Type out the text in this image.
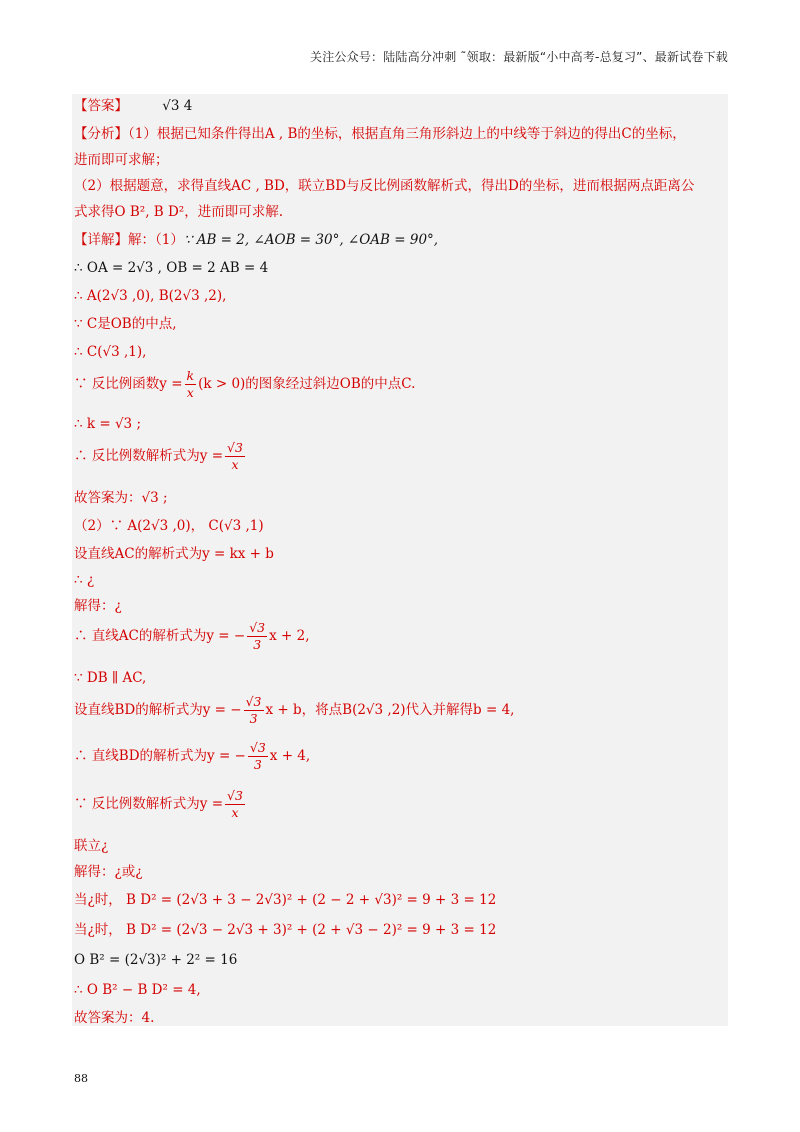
关注公众号：陆陆高分冲刺 ˜领取：最新版“小中高考-总复习”、最新试卷下载
【答案】	√3 4
【分析】（1）根据已知条件得出A , B的坐标，根据直角三角形斜边上的中线等于斜边的得出C的坐标，
进而即可求解；
（2）根据题意，求得直线AC , BD，联立BD与反比例函数解析式，得出D的坐标，进而根据两点距离公
式求得O B², B D²，进而即可求解.
【详解】解：（1）∵ AB = 2, ∠AOB = 30°, ∠OAB = 90°,
∴ OA = 2√3 , OB = 2 AB = 4
∴ A(2√3 ,0), B(2√3 ,2),
∵ C是OB的中点,
∴ C(√3 ,1),
∵ 反比例函数$y = \frac{k}{x} (k > 0)$的图象经过斜边OB的中点C.
∴ k = √3 ;
∴ 反比例数解析式为$y = \frac{√3}{x}$
故答案为：√3 ;
（2）∵ A(2√3 ,0)， C(√3 ,1)
设直线AC的解析式为y = kx + b
∴ ¿
解得：¿
∴ 直线AC的解析式为y = − $\frac{√3}{3}$ x + 2,
∵ DB ∥ AC,
设直线BD的解析式为y = − $\frac{√3}{3}$ x + b，将点B(2√3 ,2)代入并解得b = 4,
∴ 直线BD的解析式为y = − $\frac{√3}{3}$ x + 4,
∵ 反比例数解析式为$y = \frac{√3}{x}$
联立¿
解得：¿或¿
当¿时， B D² = (2√3 + 3 − 2√3)² + (2 − 2 + √3)² = 9 + 3 = 12
当¿时， B D² = (2√3 − 2√3 + 3)² + (2 + √3 − 2)² = 9 + 3 = 12
O B² = (2√3)² + 2² = 16
∴ O B² − B D² = 4,
故答案为：4.
88
